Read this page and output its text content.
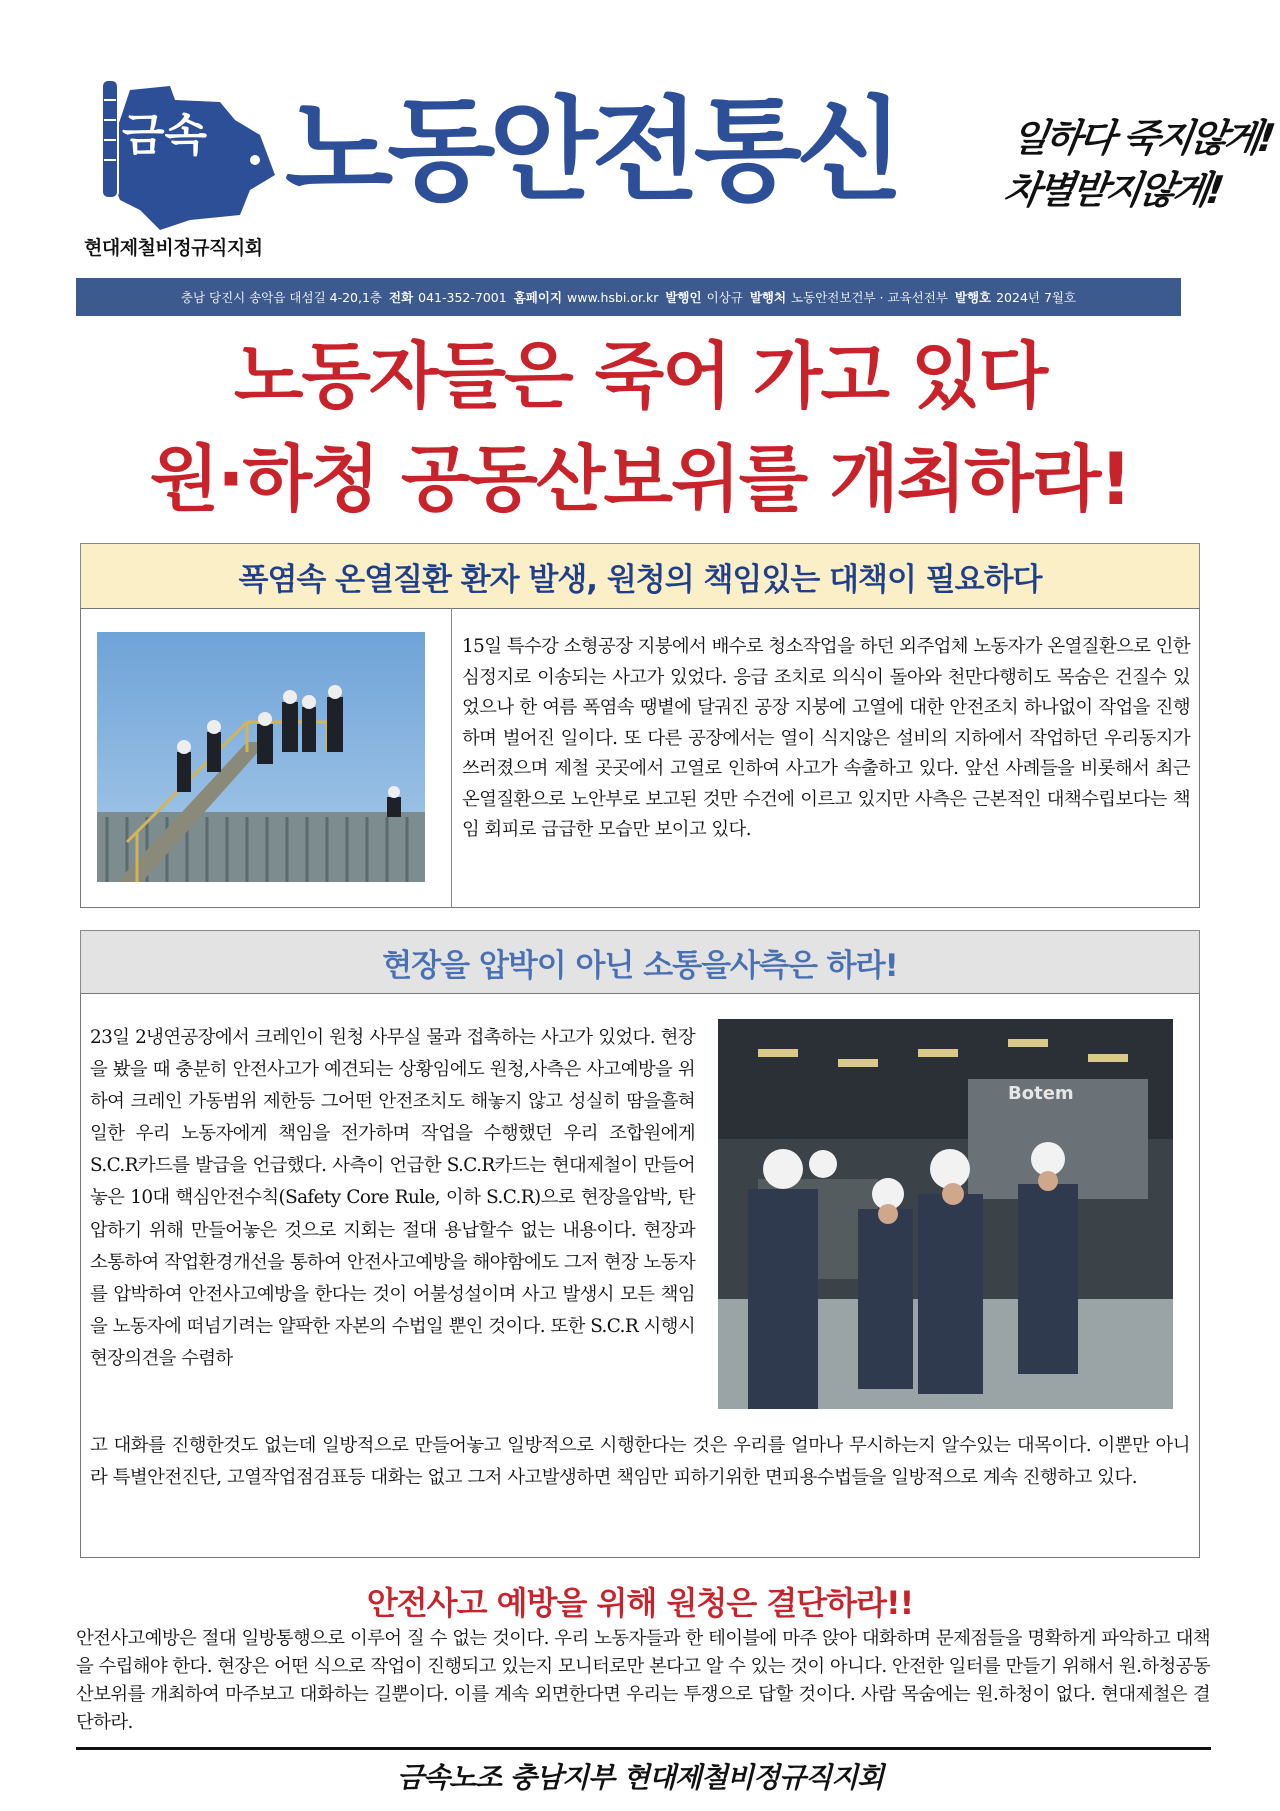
금속
현대제철비정규직지회
노동안전통신	일하다 죽지않게!
차별받지않게!
충남 당진시 송악읍 대섬길 4-20,1층 전화 041-352-7001 홈페이지 www.hsbi.or.kr 발행인 이상규 발행처 노동안전보건부 · 교육선전부 발행호 2024년 7월호
노동자들은 죽어 가고 있다
원·하청 공동산보위를 개최하라!
폭염속 온열질환 환자 발생, 원청의 책임있는 대책이 필요하다
15일 특수강 소형공장 지붕에서 배수로 청소작업을 하던 외주업체 노동자가 온열질환으로 인한 심정지로 이송되는 사고가 있었다. 응급 조치로 의식이 돌아와 천만다행히도 목숨은 건질수 있었으나 한 여름 폭염속 땡볕에 달궈진 공장 지붕에 고열에 대한 안전조치 하나없이 작업을 진행하며 벌어진 일이다. 또 다른 공장에서는 열이 식지않은 설비의 지하에서 작업하던 우리동지가 쓰러졌으며 제철 곳곳에서 고열로 인하여 사고가 속출하고 있다. 앞선 사례들을 비롯해서 최근 온열질환으로 노안부로 보고된 것만 수건에 이르고 있지만 사측은 근본적인 대책수립보다는 책임 회피로 급급한 모습만 보이고 있다.
현장을 압박이 아닌 소통을사측은 하라!
23일 2냉연공장에서 크레인이 원청 사무실 물과 접촉하는 사고가 있었다. 현장을 봤을 때 충분히 안전사고가 예견되는 상황임에도 원청,사측은 사고예방을 위하여 크레인 가동범위 제한등 그어떤 안전조치도 해놓지 않고 성실히 땀을흘혀 일한 우리 노동자에게 책임을 전가하며 작업을 수행했던 우리 조합원에게 S.C.R카드를 발급을 언급했다. 사측이 언급한 S.C.R카드는 현대제철이 만들어놓은 10대 핵심안전수칙(Safety Core Rule, 이하 S.C.R)으로 현장을압박, 탄압하기 위해 만들어놓은 것으로 지회는 절대 용납할수 없는 내용이다. 현장과 소통하여 작업환경개선을 통하여 안전사고예방을 해야함에도 그저 현장 노동자를 압박하여 안전사고예방을 한다는 것이 어불성설이며 사고 발생시 모든 책임을 노동자에 떠넘기려는 얄팍한 자본의 수법일 뿐인 것이다. 또한 S.C.R 시행시 현장의견을 수렴하
Botem
고 대화를 진행한것도 없는데 일방적으로 만들어놓고 일방적으로 시행한다는 것은 우리를 얼마나 무시하는지 알수있는 대목이다. 이뿐만 아니라 특별안전진단, 고열작업점검표등 대화는 없고 그저 사고발생하면 책임만 피하기위한 면피용수법들을 일방적으로 계속 진행하고 있다.
안전사고 예방을 위해 원청은 결단하라!!
안전사고예방은 절대 일방통행으로 이루어 질 수 없는 것이다. 우리 노동자들과 한 테이블에 마주 앉아 대화하며 문제점들을 명확하게 파악하고 대책을 수립해야 한다. 현장은 어떤 식으로 작업이 진행되고 있는지 모니터로만 본다고 알 수 있는 것이 아니다. 안전한 일터를 만들기 위해서 원.하청공동 산보위를 개최하여 마주보고 대화하는 길뿐이다. 이를 계속 외면한다면 우리는 투쟁으로 답할 것이다. 사람 목숨에는 원.하청이 없다. 현대제철은 결단하라.
금속노조 충남지부 현대제철비정규직지회
